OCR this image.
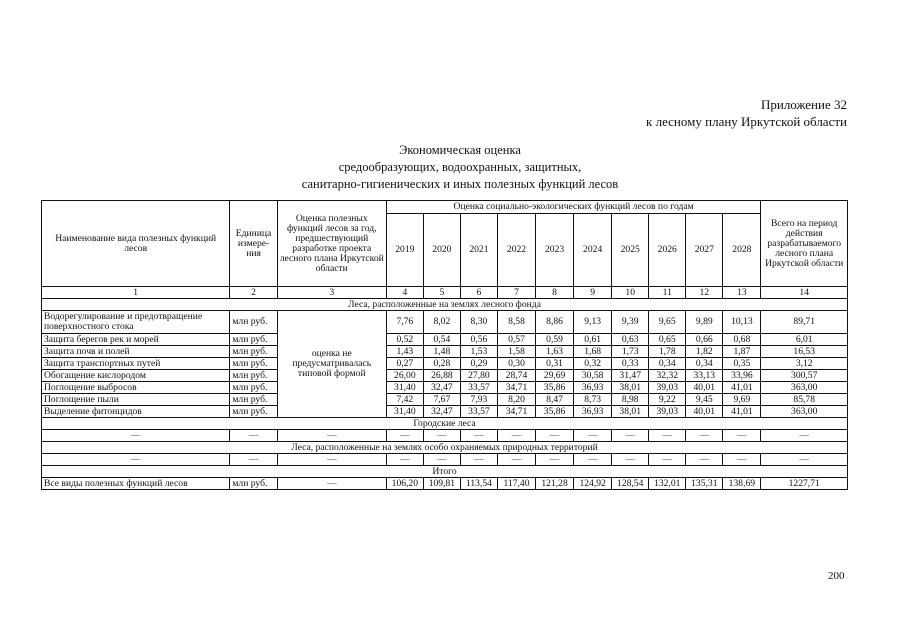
Приложение 32
к лесному плану Иркутской области
Экономическая оценка
средообразующих, водоохранных, защитных,
санитарно-гигиенических и иных полезных функций лесов
Наименование вида полезных функций лесов	Единица измере- ния	Оценка полезных функций лесов за год, предшествующий разработке проекта лесного плана Иркутской области	Оценка социально-экологических функций лесов по годам										Всего на период действия разрабатываемого лесного плана Иркутской области
			2019	2020	2021	2022	2023	2024	2025	2026	2027	2028	
1	2	3	4	5	6	7	8	9	10	11	12	13	14
Леса, расположенные на землях лесного фонда													
Водорегулирование и предотвращение поверхностного стока	млн руб.	оценка не предусматривалась типовой формой	7,76	8,02	8,30	8,58	8,86	9,13	9,39	9,65	9,89	10,13	89,71
Защита берегов рек и морей	млн руб.		0,52	0,54	0,56	0,57	0,59	0,61	0,63	0,65	0,66	0,68	6,01
Защита почв и полей	млн руб.		1,43	1,48	1,53	1,58	1,63	1,68	1,73	1,78	1,82	1,87	16,53
Защита транспортных путей	млн руб.		0,27	0,28	0,29	0,30	0,31	0,32	0,33	0,34	0,34	0,35	3,12
Обогащение кислородом	млн руб.		26,00	26,88	27,80	28,74	29,69	30,58	31,47	32,32	33,13	33,96	300,57
Поглощение выбросов	млн руб.		31,40	32,47	33,57	34,71	35,86	36,93	38,01	39,03	40,01	41,01	363,00
Поглощение пыли	млн руб.		7,42	7,67	7,93	8,20	8,47	8,73	8,98	9,22	9,45	9,69	85,78
Выделение фитонцидов	млн руб.		31,40	32,47	33,57	34,71	35,86	36,93	38,01	39,03	40,01	41,01	363,00
Городские леса													
—	—	—	—	—	—	—	—	—	—	—	—	—	—
Леса, расположенные на землях особо охраняемых природных территорий													
—	—	—	—	—	—	—	—	—	—	—	—	—	—
Итого													
Все виды полезных функций лесов	млн руб.	—	106,20	109,81	113,54	117,40	121,28	124,92	128,54	132,01	135,31	138,69	1227,71
200
